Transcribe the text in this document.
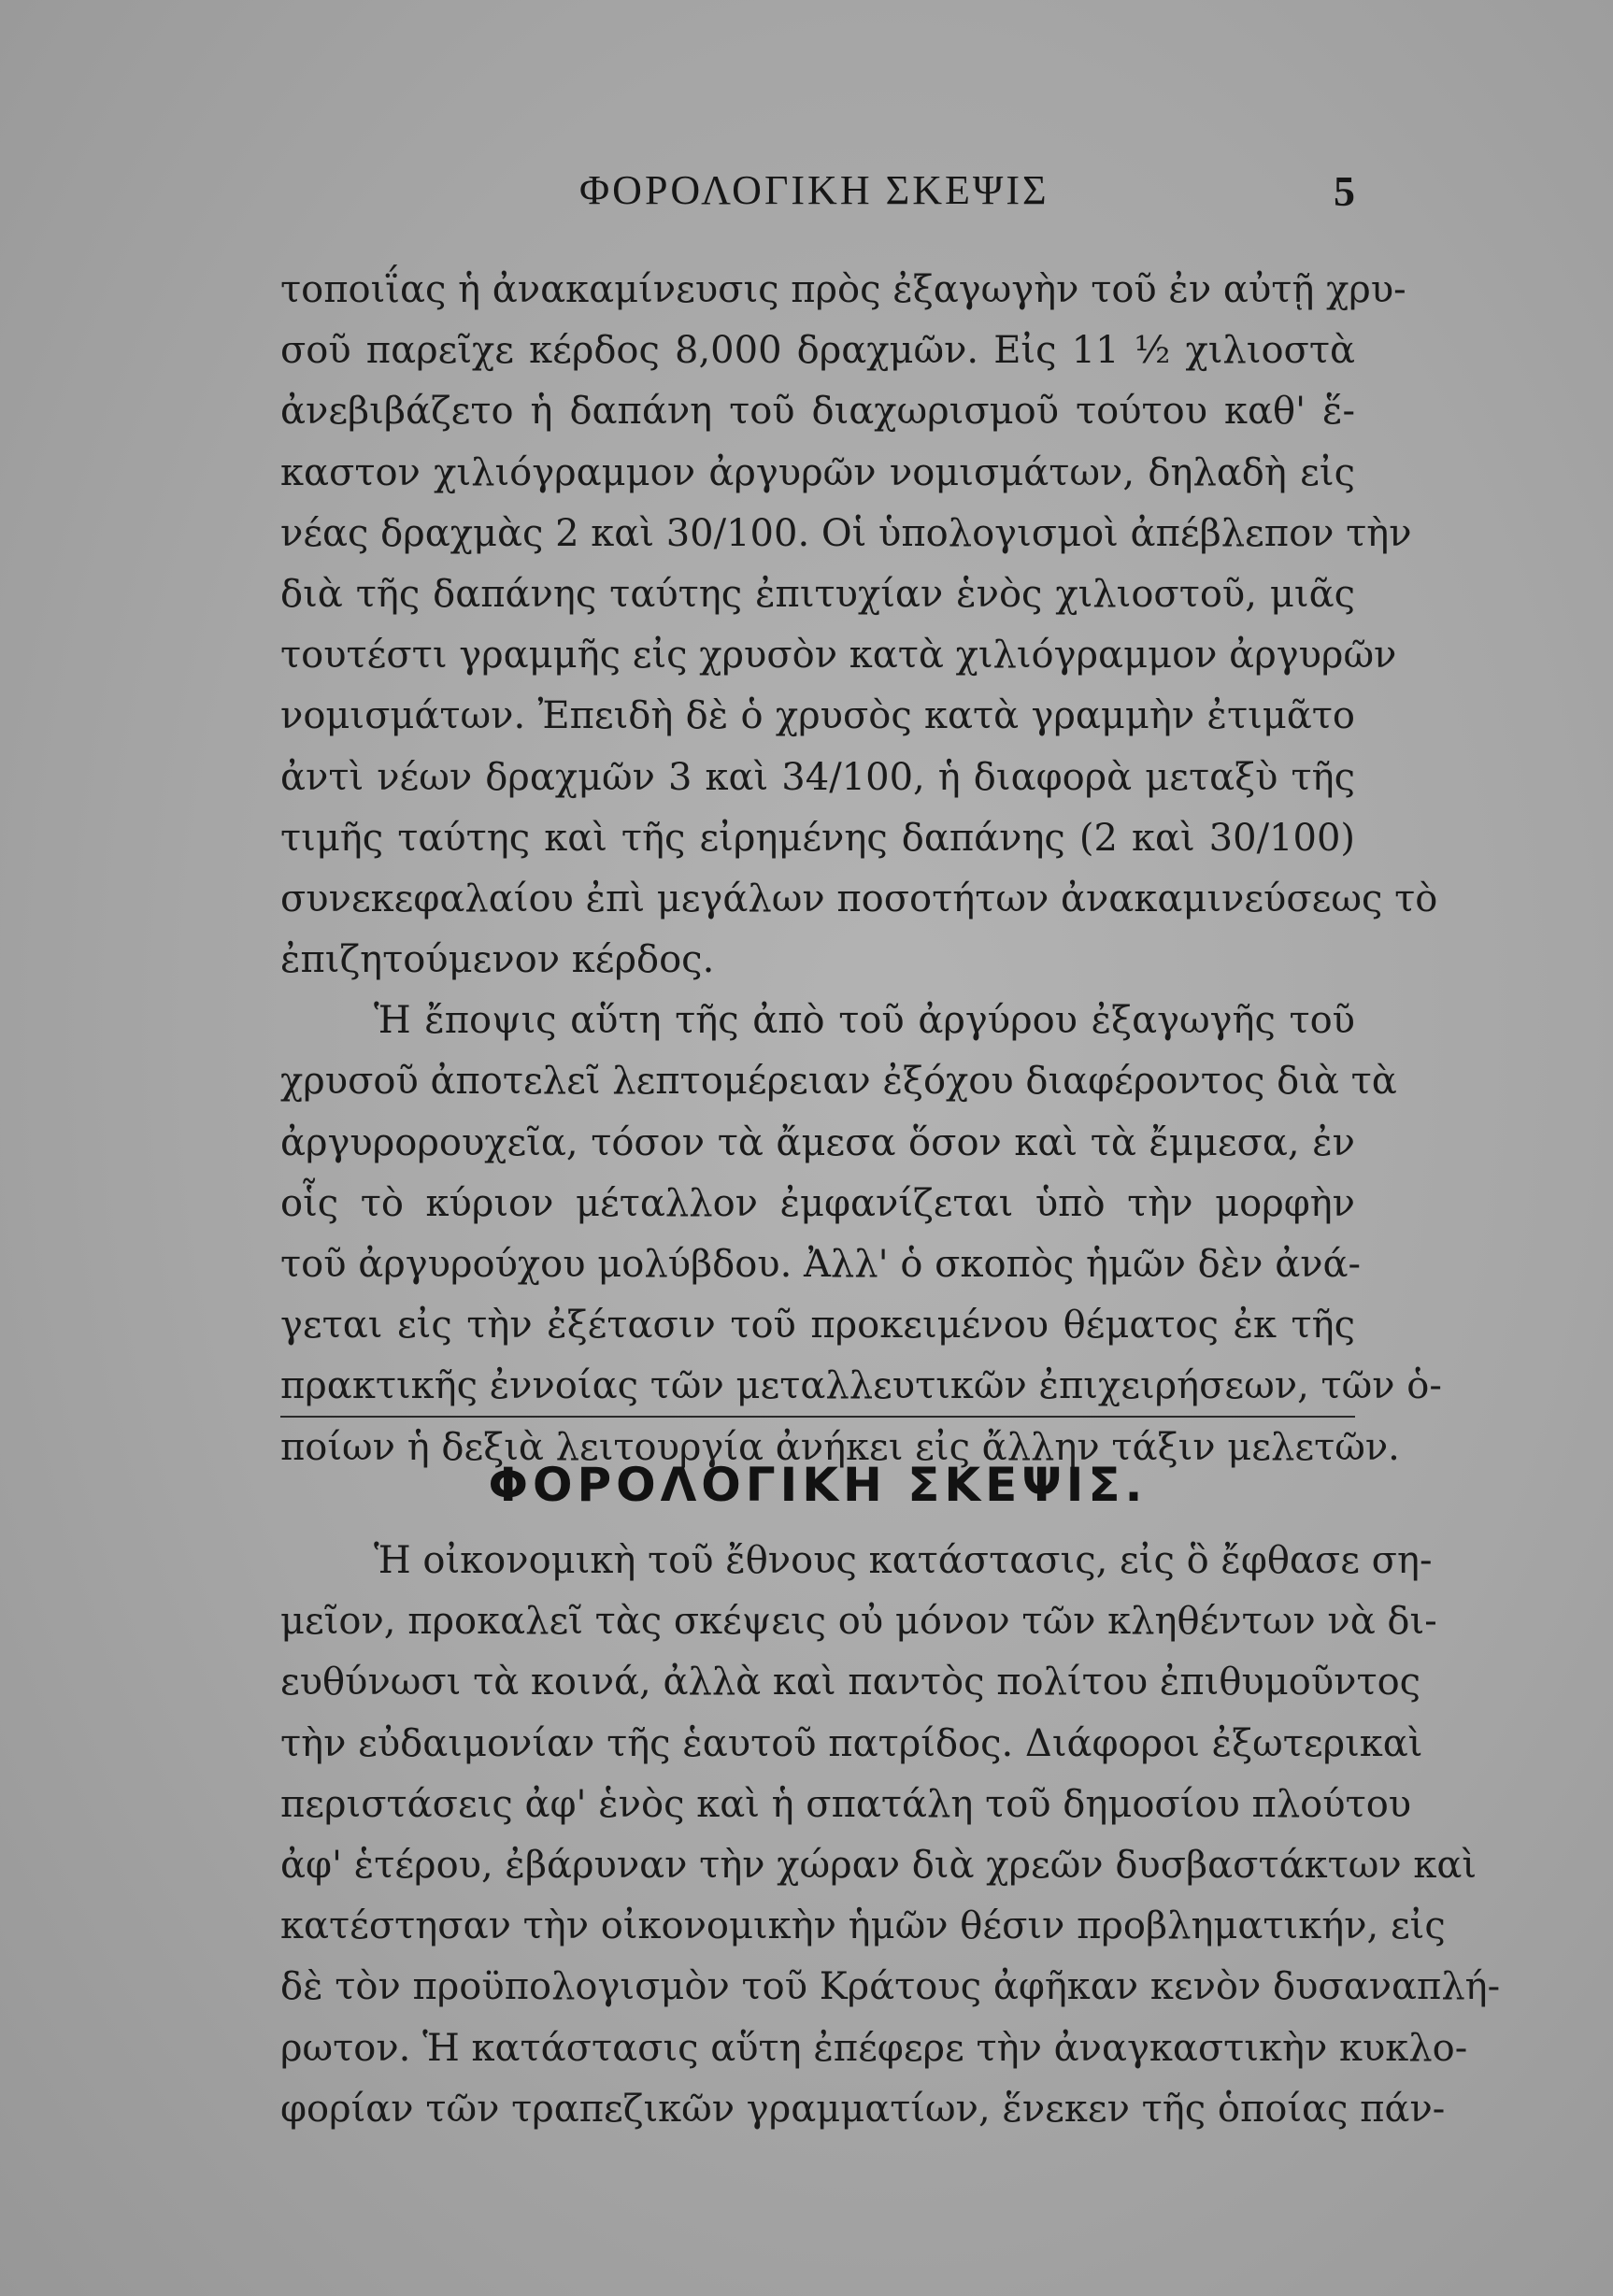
ΦΟΡΟΛΟΓΙΚΗ ΣΚΕΨΙΣ	5
τοποιΐας ἡ ἀνακαμίνευσις πρὸς ἐξαγωγὴν τοῦ ἐν αὐτῇ χρυ-
σοῦ παρεῖχε κέρδος 8,000 δραχμῶν. Εἰς 11 ½ χιλιοστὰ
ἀνεβιβάζετο ἡ δαπάνη τοῦ διαχωρισμοῦ τούτου καθ' ἕ-
καστον χιλιόγραμμον ἀργυρῶν νομισμάτων, δηλαδὴ εἰς
νέας δραχμὰς 2 καὶ 30/100. Οἱ ὑπολογισμοὶ ἀπέβλεπον τὴν
διὰ τῆς δαπάνης ταύτης ἐπιτυχίαν ἑνὸς χιλιοστοῦ, μιᾶς
τουτέστι γραμμῆς εἰς χρυσὸν κατὰ χιλιόγραμμον ἀργυρῶν
νομισμάτων. Ἐπειδὴ δὲ ὁ χρυσὸς κατὰ γραμμὴν ἐτιμᾶτο
ἀντὶ νέων δραχμῶν 3 καὶ 34/100, ἡ διαφορὰ μεταξὺ τῆς
τιμῆς ταύτης καὶ τῆς εἰρημένης δαπάνης (2 καὶ 30/100)
συνεκεφαλαίου ἐπὶ μεγάλων ποσοτήτων ἀνακαμινεύσεως τὸ
ἐπιζητούμενον κέρδος.
Ἡ ἔποψις αὕτη τῆς ἀπὸ τοῦ ἀργύρου ἐξαγωγῆς τοῦ
χρυσοῦ ἀποτελεῖ λεπτομέρειαν ἐξόχου διαφέροντος διὰ τὰ
ἀργυρορουχεῖα, τόσον τὰ ἄμεσα ὅσον καὶ τὰ ἔμμεσα, ἐν
οἷς τὸ κύριον μέταλλον ἐμφανίζεται ὑπὸ τὴν μορφὴν
τοῦ ἀργυρούχου μολύβδου. Ἀλλ' ὁ σκοπὸς ἡμῶν δὲν ἀνά-
γεται εἰς τὴν ἐξέτασιν τοῦ προκειμένου θέματος ἐκ τῆς
πρακτικῆς ἐννοίας τῶν μεταλλευτικῶν ἐπιχειρήσεων, τῶν ὁ-
ποίων ἡ δεξιὰ λειτουργία ἀνήκει εἰς ἄλλην τάξιν μελετῶν.
ΦΟΡΟΛΟΓΙΚΗ ΣΚΕΨΙΣ.
Ἡ οἰκονομικὴ τοῦ ἔθνους κατάστασις, εἰς ὃ ἔφθασε ση-
μεῖον, προκαλεῖ τὰς σκέψεις οὐ μόνον τῶν κληθέντων νὰ δι-
ευθύνωσι τὰ κοινά, ἀλλὰ καὶ παντὸς πολίτου ἐπιθυμοῦντος
τὴν εὐδαιμονίαν τῆς ἑαυτοῦ πατρίδος. Διάφοροι ἐξωτερικαὶ
περιστάσεις ἀφ' ἑνὸς καὶ ἡ σπατάλη τοῦ δημοσίου πλούτου
ἀφ' ἑτέρου, ἐβάρυναν τὴν χώραν διὰ χρεῶν δυσβαστάκτων καὶ
κατέστησαν τὴν οἰκονομικὴν ἡμῶν θέσιν προβληματικήν, εἰς
δὲ τὸν προϋπολογισμὸν τοῦ Κράτους ἀφῆκαν κενὸν δυσαναπλή-
ρωτον. Ἡ κατάστασις αὕτη ἐπέφερε τὴν ἀναγκαστικὴν κυκλο-
φορίαν τῶν τραπεζικῶν γραμματίων, ἕνεκεν τῆς ὁποίας πάν-
